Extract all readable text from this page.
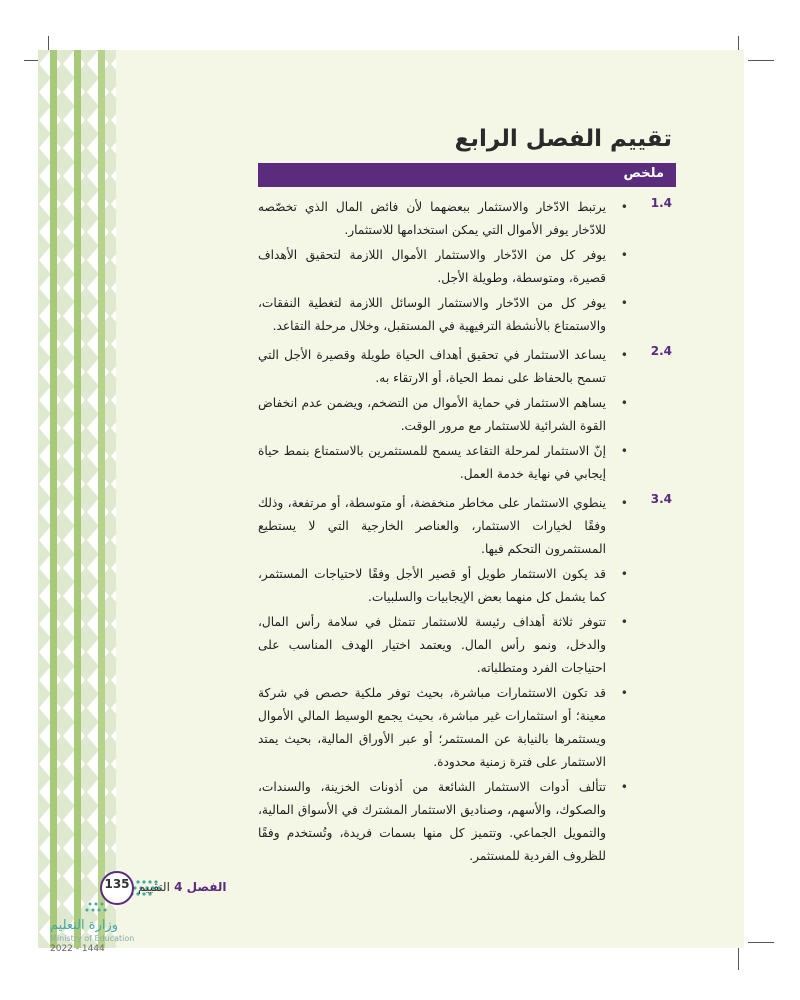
تقييم الفصل الرابع
ملخص
1.4
• يرتبط الادّخار والاستثمار ببعضهما لأن فائض المال الذي تخصّصه للادّخار يوفر الأموال التي يمكن استخدامها للاستثمار.
• يوفر كل من الادّخار والاستثمار الأموال اللازمة لتحقيق الأهداف قصيرة، ومتوسطة، وطويلة الأجل.
• يوفر كل من الادّخار والاستثمار الوسائل اللازمة لتغطية النفقات، والاستمتاع بالأنشطة الترفيهية في المستقبل، وخلال مرحلة التقاعد.
2.4
• يساعد الاستثمار في تحقيق أهداف الحياة طويلة وقصيرة الأجل التي تسمح بالحفاظ على نمط الحياة، أو الارتقاء به.
• يساهم الاستثمار في حماية الأموال من التضخم، ويضمن عدم انخفاض القوة الشرائية للاستثمار مع مرور الوقت.
• إنّ الاستثمار لمرحلة التقاعد يسمح للمستثمرين بالاستمتاع بنمط حياة إيجابي في نهاية خدمة العمل.
3.4
• ينطوي الاستثمار على مخاطر منخفضة، أو متوسطة، أو مرتفعة، وذلك وفقًا لخيارات الاستثمار، والعناصر الخارجية التي لا يستطيع المستثمرون التحكم فيها.
• قد يكون الاستثمار طويل أو قصير الأجل وفقًا لاحتياجات المستثمر، كما يشمل كل منهما بعض الإيجابيات والسلبيات.
• تتوفر ثلاثة أهداف رئيسة للاستثمار تتمثل في سلامة رأس المال، والدخل، ونمو رأس المال. ويعتمد اختيار الهدف المناسب على احتياجات الفرد ومتطلباته.
• قد تكون الاستثمارات مباشرة، بحيث توفر ملكية حصص في شركة معينة؛ أو استثمارات غير مباشرة، بحيث يجمع الوسيط المالي الأموال ويستثمرها بالنيابة عن المستثمر؛ أو عبر الأوراق المالية، بحيث يمتد الاستثمار على فترة زمنية محدودة.
• تتألف أدوات الاستثمار الشائعة من أذونات الخزينة، والسندات، والصكوك، والأسهم، وصناديق الاستثمار المشترك في الأسواق المالية، والتمويل الجماعي. وتتميز كل منها بسمات فريدة، وتُستخدم وفقًا للظروف الفردية للمستثمر.
135	الفصل 4 التقييم
وزارة التعليم
Ministry of Education
2022 - 1444
